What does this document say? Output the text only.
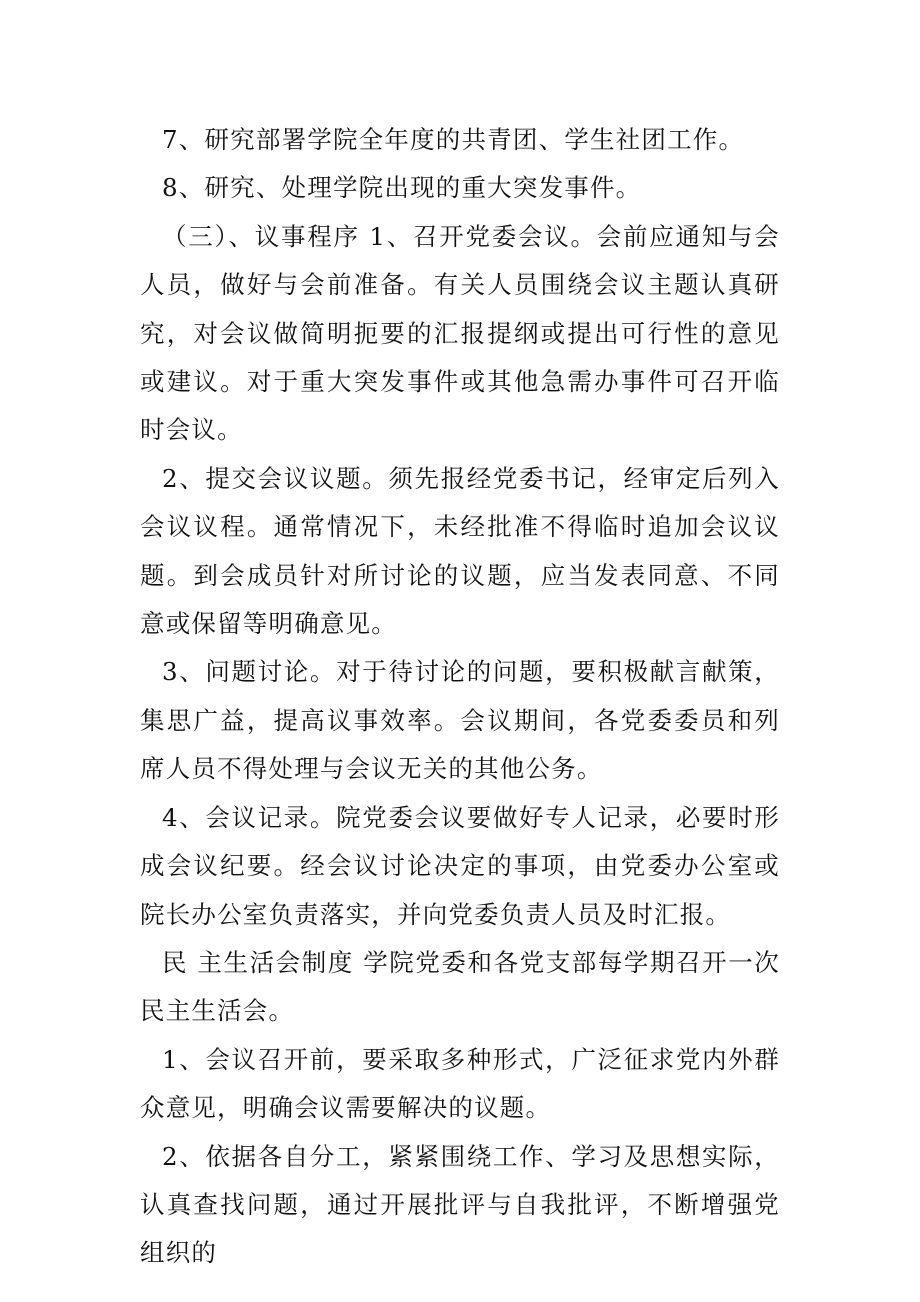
7、研究部署学院全年度的共青团、学生社团工作。

8、研究、处理学院出现的重大突发事件。

（三）、议事程序 1、召开党委会议。会前应通知与会人员，做好与会前准备。有关人员围绕会议主题认真研究，对会议做简明扼要的汇报提纲或提出可行性的意见或建议。对于重大突发事件或其他急需办事件可召开临时会议。

2、提交会议议题。须先报经党委书记，经审定后列入会议议程。通常情况下，未经批准不得临时追加会议议题。到会成员针对所讨论的议题，应当发表同意、不同意或保留等明确意见。

3、问题讨论。对于待讨论的问题，要积极献言献策，集思广益，提高议事效率。会议期间，各党委委员和列席人员不得处理与会议无关的其他公务。

4、会议记录。院党委会议要做好专人记录，必要时形成会议纪要。经会议讨论决定的事项，由党委办公室或院长办公室负责落实，并向党委负责人员及时汇报。

民 主生活会制度 学院党委和各党支部每学期召开一次民主生活会。

1、会议召开前，要采取多种形式，广泛征求党内外群众意见，明确会议需要解决的议题。

2、依据各自分工，紧紧围绕工作、学习及思想实际，认真查找问题，通过开展批评与自我批评，不断增强党组织的
